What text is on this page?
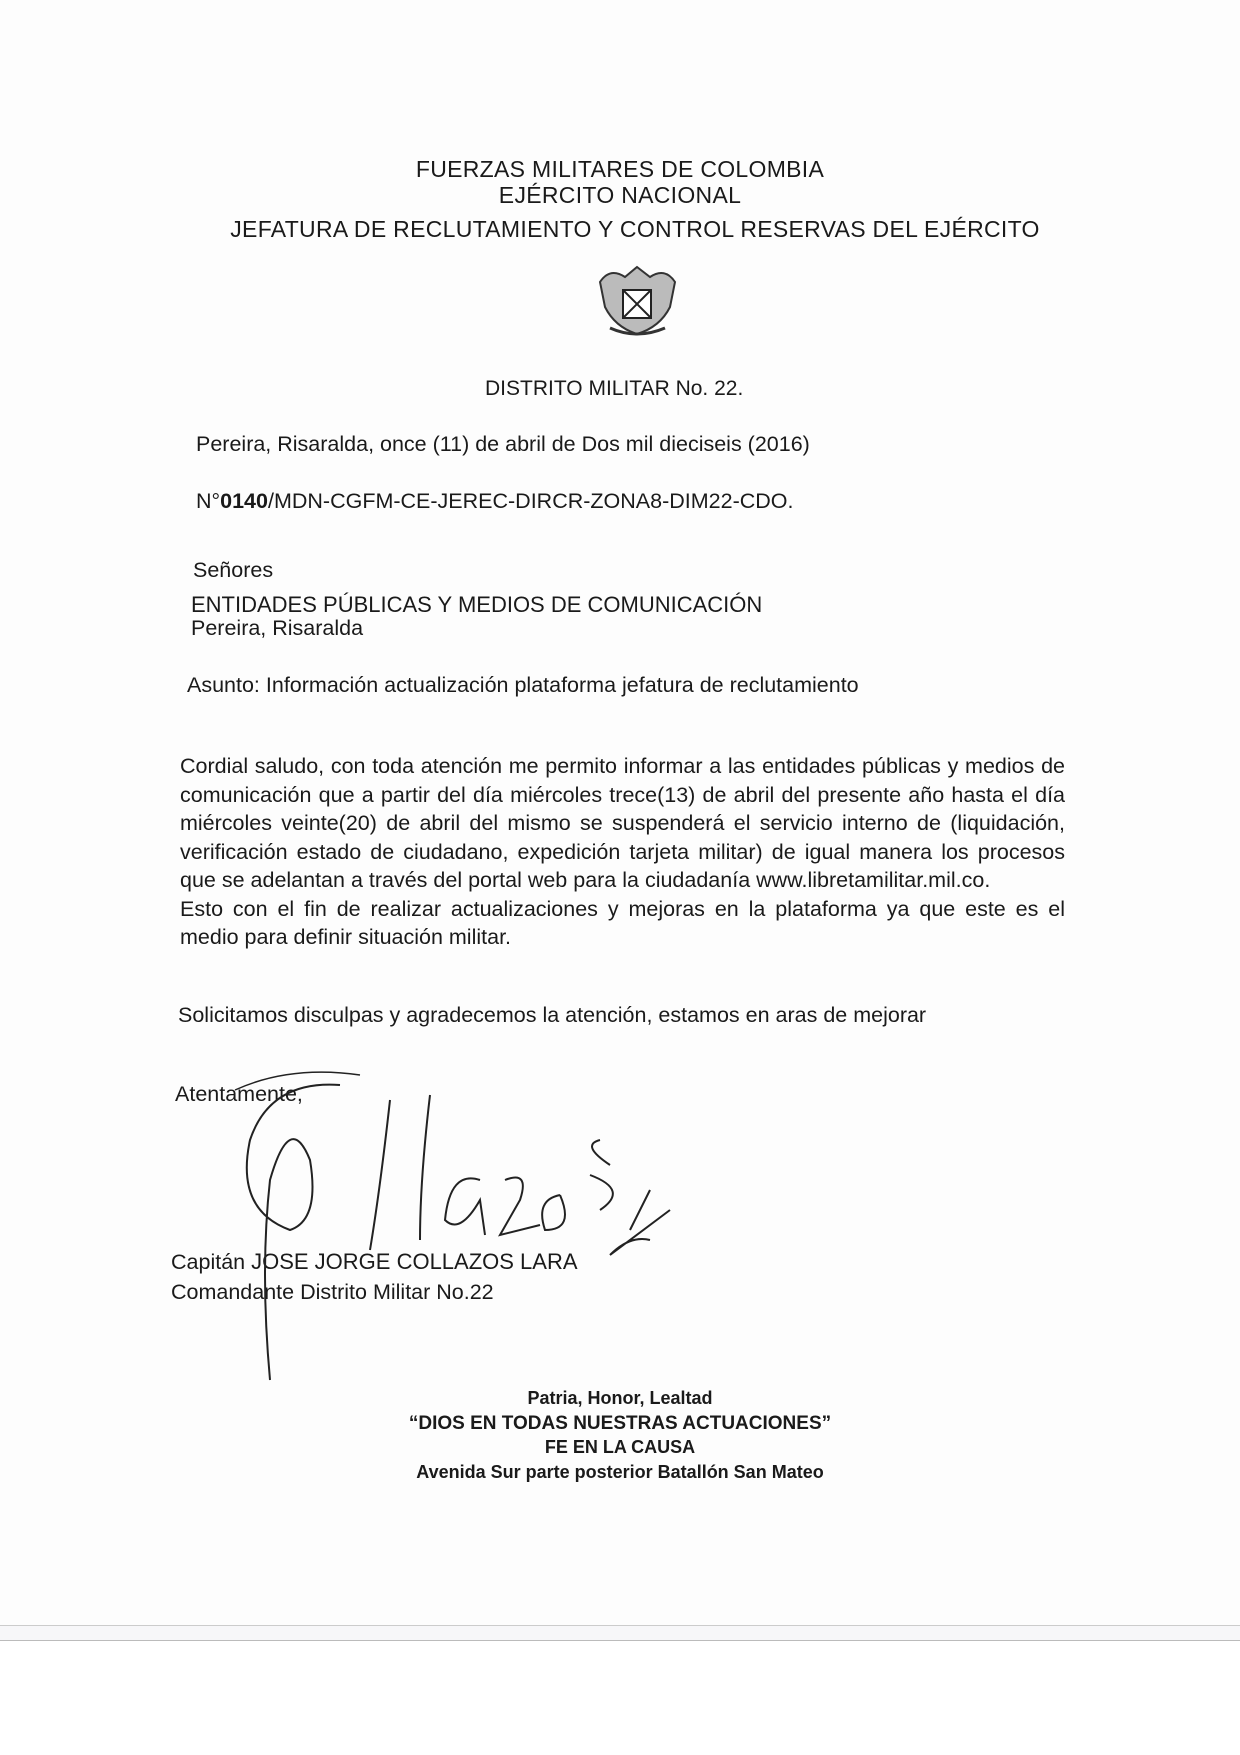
FUERZAS MILITARES DE COLOMBIA
EJÉRCITO NACIONAL
JEFATURA DE RECLUTAMIENTO Y CONTROL RESERVAS DEL EJÉRCITO
DISTRITO MILITAR No. 22.
Pereira, Risaralda, once (11) de abril de Dos mil dieciseis (2016)
N°0140/MDN-CGFM-CE-JEREC-DIRCR-ZONA8-DIM22-CDO.
Señores
ENTIDADES PÚBLICAS Y MEDIOS DE COMUNICACIÓN
Pereira, Risaralda
Asunto: Información actualización plataforma jefatura de reclutamiento
Cordial saludo, con toda atención me permito informar a las entidades públicas y medios de comunicación que a partir del día miércoles trece(13) de abril del presente año hasta el día miércoles veinte(20) de abril del mismo se suspenderá el servicio interno de (liquidación, verificación estado de ciudadano, expedición tarjeta militar) de igual manera los procesos que se adelantan a través del portal web para la ciudadanía www.libretamilitar.mil.co.
Esto con el fin de realizar actualizaciones y mejoras en la plataforma ya que este es el medio para definir situación militar.
Solicitamos disculpas y agradecemos la atención, estamos en aras de mejorar
Atentamente,
Capitán JOSE JORGE COLLAZOS LARA
Comandante Distrito Militar No.22
Patria, Honor, Lealtad
“DIOS EN TODAS NUESTRAS ACTUACIONES”
FE EN LA CAUSA
Avenida Sur parte posterior Batallón San Mateo
